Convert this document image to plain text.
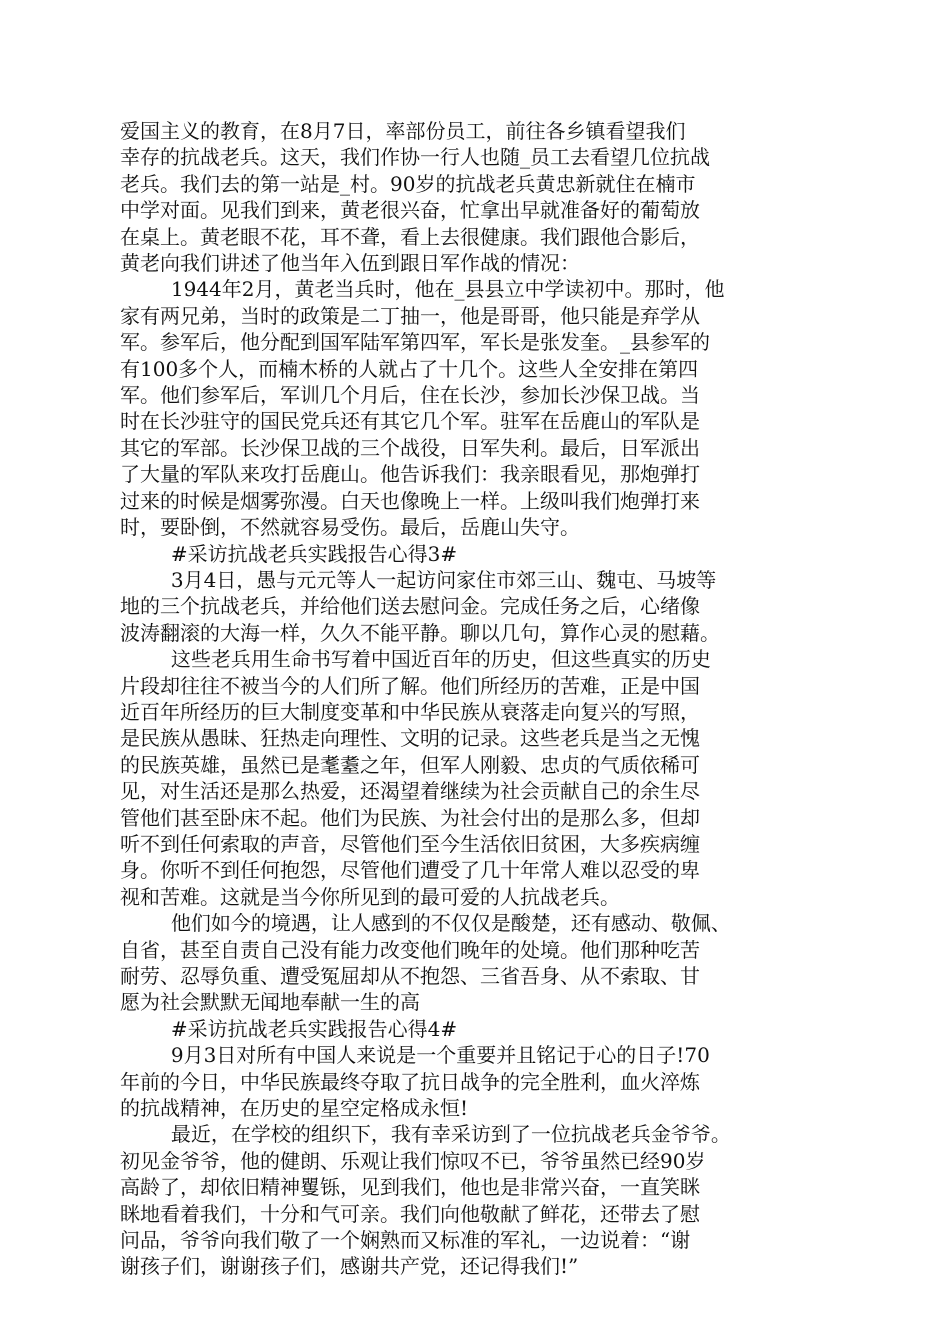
爱国主义的教育，在8月7日，率部份员工，前往各乡镇看望我们
幸存的抗战老兵。这天，我们作协一行人也随_员工去看望几位抗战
老兵。我们去的第一站是_村。90岁的抗战老兵黄忠新就住在楠市
中学对面。见我们到来，黄老很兴奋，忙拿出早就准备好的葡萄放
在桌上。黄老眼不花，耳不聋，看上去很健康。我们跟他合影后，
黄老向我们讲述了他当年入伍到跟日军作战的情况：

1944年2月，黄老当兵时，他在_县县立中学读初中。那时，他
家有两兄弟，当时的政策是二丁抽一，他是哥哥，他只能是弃学从
军。参军后，他分配到国军陆军第四军，军长是张发奎。_县参军的
有100多个人，而楠木桥的人就占了十几个。这些人全安排在第四
军。他们参军后，军训几个月后，住在长沙，参加长沙保卫战。当
时在长沙驻守的国民党兵还有其它几个军。驻军在岳鹿山的军队是
其它的军部。长沙保卫战的三个战役，日军失利。最后，日军派出
了大量的军队来攻打岳鹿山。他告诉我们：我亲眼看见，那炮弹打
过来的时候是烟雾弥漫。白天也像晚上一样。上级叫我们炮弹打来
时，要卧倒，不然就容易受伤。最后，岳鹿山失守。

#采访抗战老兵实践报告心得3#

3月4日，愚与元元等人一起访问家住市郊三山、魏屯、马坡等
地的三个抗战老兵，并给他们送去慰问金。完成任务之后，心绪像
波涛翻滚的大海一样，久久不能平静。聊以几句，算作心灵的慰藉。

这些老兵用生命书写着中国近百年的历史，但这些真实的历史
片段却往往不被当今的人们所了解。他们所经历的苦难，正是中国
近百年所经历的巨大制度变革和中华民族从衰落走向复兴的写照，
是民族从愚昧、狂热走向理性、文明的记录。这些老兵是当之无愧
的民族英雄，虽然已是耄耋之年，但军人刚毅、忠贞的气质依稀可
见，对生活还是那么热爱，还渴望着继续为社会贡献自己的余生尽
管他们甚至卧床不起。他们为民族、为社会付出的是那么多，但却
听不到任何索取的声音，尽管他们至今生活依旧贫困，大多疾病缠
身。你听不到任何抱怨，尽管他们遭受了几十年常人难以忍受的卑
视和苦难。这就是当今你所见到的最可爱的人抗战老兵。

他们如今的境遇，让人感到的不仅仅是酸楚，还有感动、敬佩、
自省，甚至自责自己没有能力改变他们晚年的处境。他们那种吃苦
耐劳、忍辱负重、遭受冤屈却从不抱怨、三省吾身、从不索取、甘
愿为社会默默无闻地奉献一生的高

#采访抗战老兵实践报告心得4#

9月3日对所有中国人来说是一个重要并且铭记于心的日子!70
年前的今日，中华民族最终夺取了抗日战争的完全胜利，血火淬炼
的抗战精神，在历史的星空定格成永恒!

最近，在学校的组织下，我有幸采访到了一位抗战老兵金爷爷。
初见金爷爷，他的健朗、乐观让我们惊叹不已，爷爷虽然已经90岁
高龄了，却依旧精神矍铄，见到我们，他也是非常兴奋，一直笑眯
眯地看着我们，十分和气可亲。我们向他敬献了鲜花，还带去了慰
问品，爷爷向我们敬了一个娴熟而又标准的军礼，一边说着：“谢
谢孩子们，谢谢孩子们，感谢共产党，还记得我们!”
